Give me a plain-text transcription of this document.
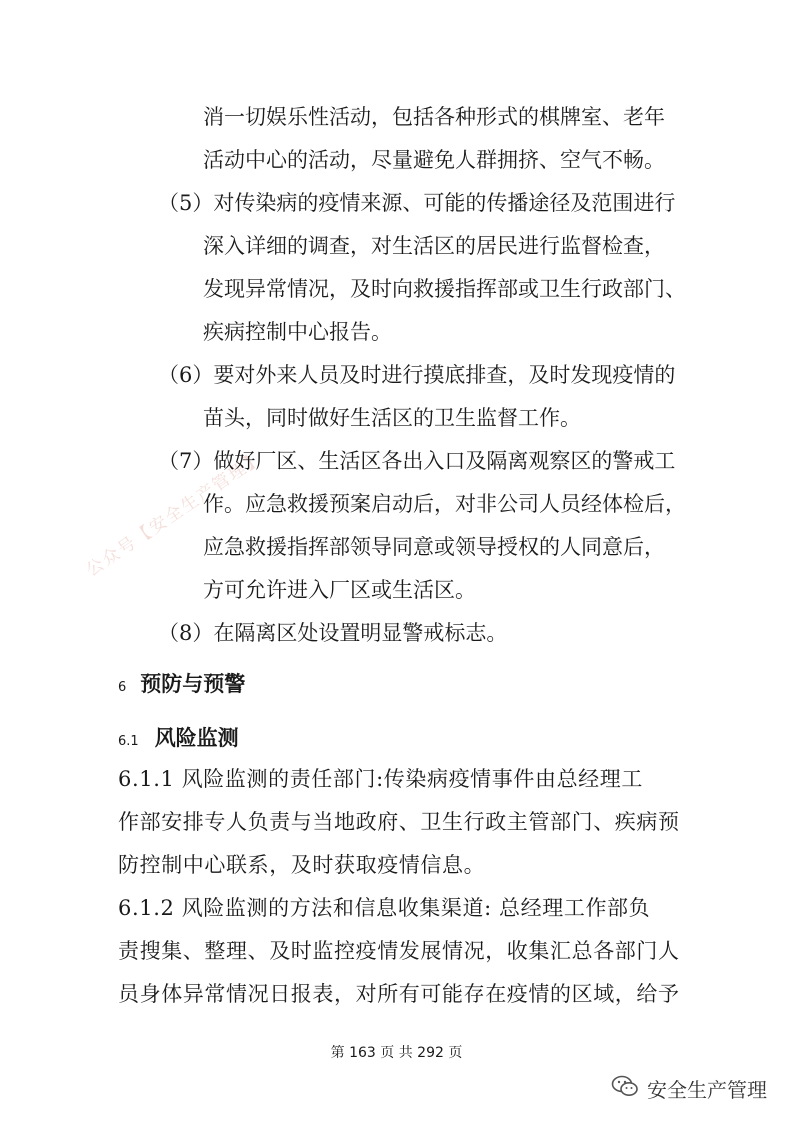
公众号【安全生产管理】
消一切娱乐性活动，包括各种形式的棋牌室、老年
活动中心的活动，尽量避免人群拥挤、空气不畅。
（5）对传染病的疫情来源、可能的传播途径及范围进行
深入详细的调查，对生活区的居民进行监督检查，
发现异常情况，及时向救援指挥部或卫生行政部门、
疾病控制中心报告。
（6）要对外来人员及时进行摸底排查，及时发现疫情的
苗头，同时做好生活区的卫生监督工作。
（7）做好厂区、生活区各出入口及隔离观察区的警戒工
作。应急救援预案启动后，对非公司人员经体检后，
应急救援指挥部领导同意或领导授权的人同意后，
方可允许进入厂区或生活区。
（8）在隔离区处设置明显警戒标志。
6 预防与预警
6.1 风险监测
6.1.1 风险监测的责任部门:传染病疫情事件由总经理工
作部安排专人负责与当地政府、卫生行政主管部门、疾病预
防控制中心联系，及时获取疫情信息。
6.1.2 风险监测的方法和信息收集渠道: 总经理工作部负
责搜集、整理、及时监控疫情发展情况，收集汇总各部门人
员身体异常情况日报表，对所有可能存在疫情的区域，给予
第 163 页 共 292 页
安全生产管理
